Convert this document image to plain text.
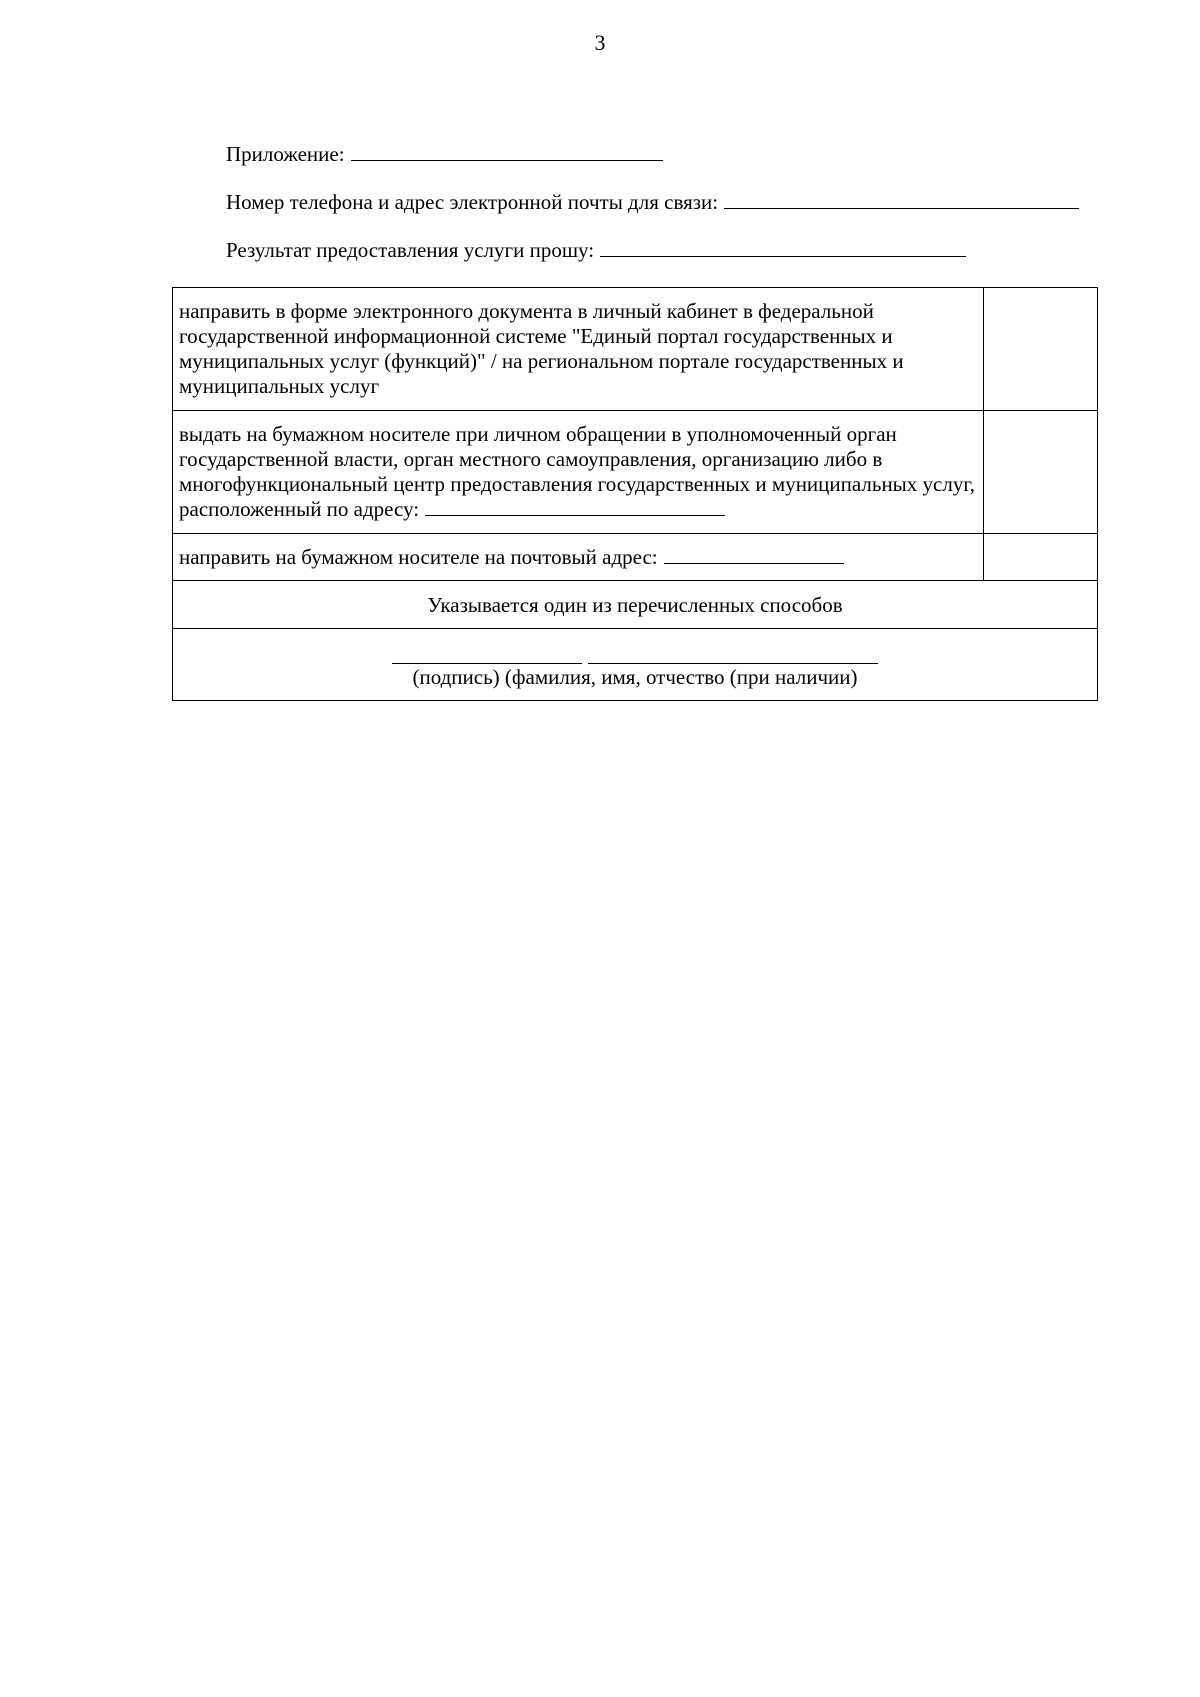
3
Приложение:
Номер телефона и адрес электронной почты для связи:
Результат предоставления услуги прошу:
направить в форме электронного документа в личный кабинет в федеральной государственной информационной системе "Единый портал государственных и муниципальных услуг (функций)" / на региональном портале государственных и муниципальных услуг	
выдать на бумажном носителе при личном обращении в уполномоченный орган государственной власти, орган местного самоуправления, организацию либо в многофункциональный центр предоставления государственных и муниципальных услуг, расположенный по адресу:	
направить на бумажном носителе на почтовый адрес:	
Указывается один из перечисленных способов	

(подпись) (фамилия, имя, отчество (при наличии)	
